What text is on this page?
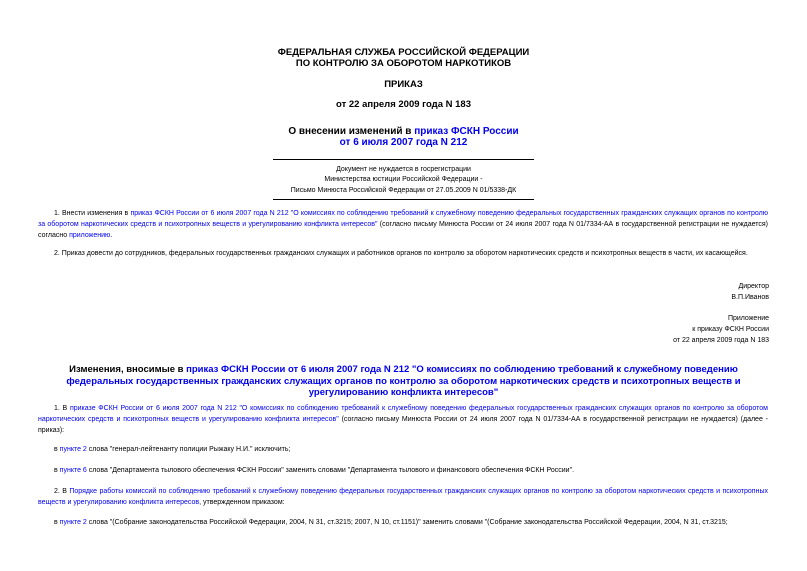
ФЕДЕРАЛЬНАЯ СЛУЖБА РОССИЙСКОЙ ФЕДЕРАЦИИ
ПО КОНТРОЛЮ ЗА ОБОРОТОМ НАРКОТИКОВ
ПРИКАЗ
от 22 апреля 2009 года N 183
О внесении изменений в приказ ФСКН России
от 6 июля 2007 года N 212
Документ не нуждается в госрегистрации
Министерства юстиции Российской Федерации -
Письмо Минюста Российской Федерации от 27.05.2009 N 01/5338-ДК
1. Внести изменения в приказ ФСКН России от 6 июля 2007 года N 212 "О комиссиях по соблюдению требований к служебному поведению федеральных государственных гражданских служащих органов по контролю за оборотом наркотических средств и психотропных веществ и урегулированию конфликта интересов" (согласно письму Минюста России от 24 июля 2007 года N 01/7334-АА в государственной регистрации не нуждается) согласно приложению.
2. Приказ довести до сотрудников, федеральных государственных гражданских служащих и работников органов по контролю за оборотом наркотических средств и психотропных веществ в части, их касающейся.
Директор
В.П.Иванов
Приложение
к приказу ФСКН России
от 22 апреля 2009 года N 183
Изменения, вносимые в приказ ФСКН России от 6 июля 2007 года N 212 "О комиссиях по соблюдению требований к служебному поведению федеральных государственных гражданских служащих органов по контролю за оборотом наркотических средств и психотропных веществ и урегулированию конфликта интересов"
1. В приказе ФСКН России от 6 июля 2007 года N 212 "О комиссиях по соблюдению требований к служебному поведению федеральных государственных гражданских служащих органов по контролю за оборотом наркотических средств и психотропных веществ и урегулированию конфликта интересов" (согласно письму Минюста России от 24 июля 2007 года N 01/7334-АА в государственной регистрации не нуждается) (далее - приказ):
в пункте 2 слова "генерал-лейтенанту полиции Рыжаку Н.И." исключить;
в пункте 6 слова "Департамента тылового обеспечения ФСКН России" заменить словами "Департамента тылового и финансового обеспечения ФСКН России".
2. В Порядке работы комиссий по соблюдению требований к служебному поведению федеральных государственных гражданских служащих органов по контролю за оборотом наркотических средств и психотропных веществ и урегулированию конфликта интересов, утвержденном приказом:
в пункте 2 слова "(Собрание законодательства Российской Федерации, 2004, N 31, ст.3215; 2007, N 10, ст.1151)" заменить словами "(Собрание законодательства Российской Федерации, 2004, N 31, ст.3215;
